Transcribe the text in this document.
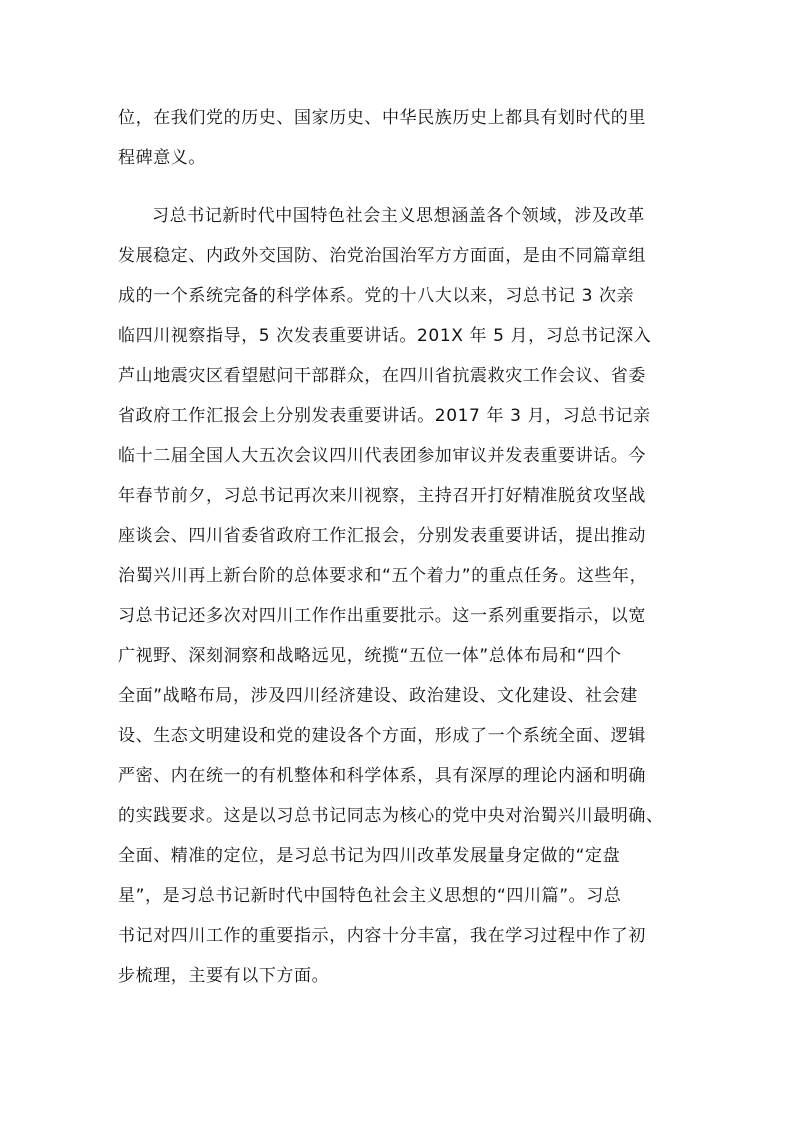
位，在我们党的历史、国家历史、中华民族历史上都具有划时代的里
程碑意义。
习总书记新时代中国特色社会主义思想涵盖各个领域，涉及改革
发展稳定、内政外交国防、治党治国治军方方面面，是由不同篇章组
成的一个系统完备的科学体系。党的十八大以来，习总书记 3 次亲
临四川视察指导，5 次发表重要讲话。201X 年 5 月，习总书记深入
芦山地震灾区看望慰问干部群众，在四川省抗震救灾工作会议、省委
省政府工作汇报会上分别发表重要讲话。2017 年 3 月，习总书记亲
临十二届全国人大五次会议四川代表团参加审议并发表重要讲话。今
年春节前夕，习总书记再次来川视察，主持召开打好精准脱贫攻坚战
座谈会、四川省委省政府工作汇报会，分别发表重要讲话，提出推动
治蜀兴川再上新台阶的总体要求和“五个着力”的重点任务。这些年，
习总书记还多次对四川工作作出重要批示。这一系列重要指示，以宽
广视野、深刻洞察和战略远见，统揽“五位一体”总体布局和“四个
全面”战略布局，涉及四川经济建设、政治建设、文化建设、社会建
设、生态文明建设和党的建设各个方面，形成了一个系统全面、逻辑
严密、内在统一的有机整体和科学体系，具有深厚的理论内涵和明确
的实践要求。这是以习总书记同志为核心的党中央对治蜀兴川最明确、
全面、精准的定位，是习总书记为四川改革发展量身定做的“定盘
星”，是习总书记新时代中国特色社会主义思想的“四川篇”。习总
书记对四川工作的重要指示，内容十分丰富，我在学习过程中作了初
步梳理，主要有以下方面。
